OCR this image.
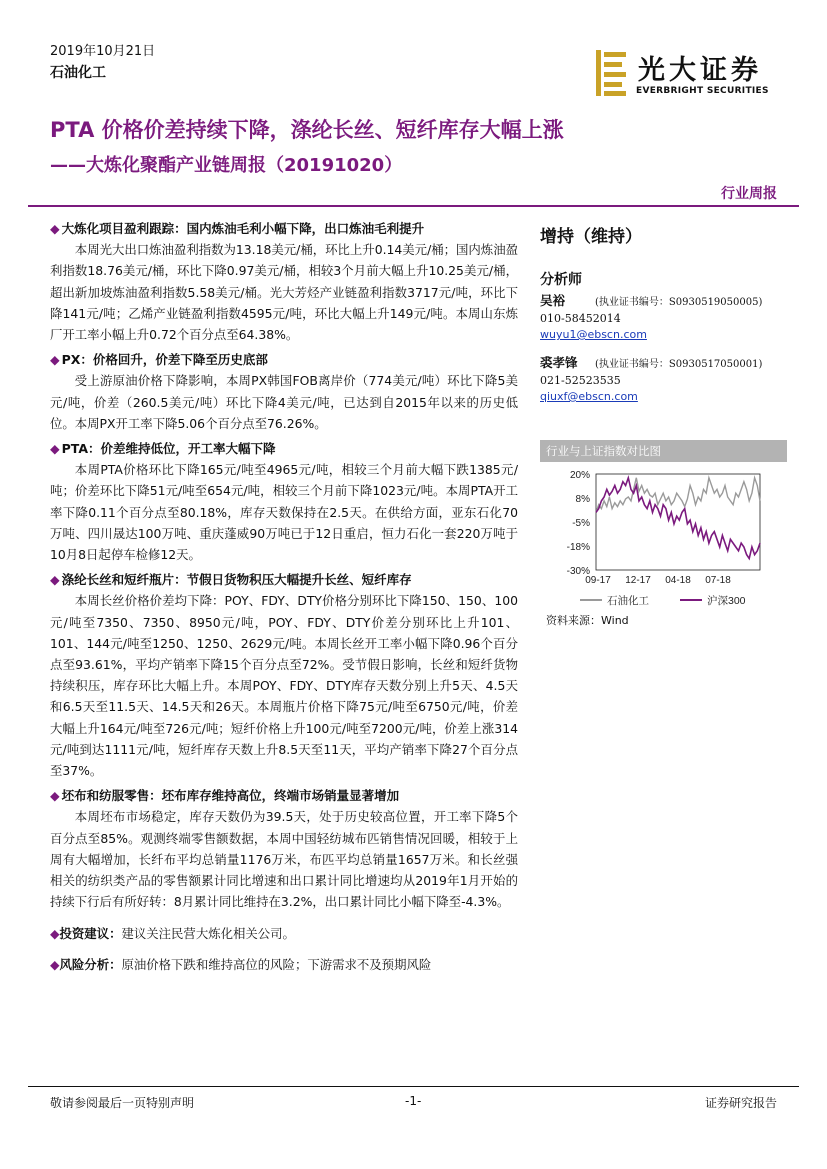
2019年10月21日
石油化工	光大证券
EVERBRIGHT SECURITIES
PTA 价格价差持续下降，涤纶长丝、短纤库存大幅上涨
——大炼化聚酯产业链周报（20191020）
行业周报
◆ 大炼化项目盈利跟踪：国内炼油毛利小幅下降，出口炼油毛利提升

本周光大出口炼油盈利指数为13.18美元/桶，环比上升0.14美元/桶；国内炼油盈利指数18.76美元/桶，环比下降0.97美元/桶，相较3个月前大幅上升10.25美元/桶，超出新加坡炼油盈利指数5.58美元/桶。光大芳烃产业链盈利指数3717元/吨，环比下降141元/吨；乙烯产业链盈利指数4595元/吨，环比大幅上升149元/吨。本周山东炼厂开工率小幅上升0.72个百分点至64.38%。

◆ PX：价格回升，价差下降至历史底部

受上游原油价格下降影响，本周PX韩国FOB离岸价（774美元/吨）环比下降5美元/吨，价差（260.5美元/吨）环比下降4美元/吨，已达到自2015年以来的历史低位。本周PX开工率下降5.06个百分点至76.26%。

◆ PTA：价差维持低位，开工率大幅下降

本周PTA价格环比下降165元/吨至4965元/吨，相较三个月前大幅下跌1385元/吨；价差环比下降51元/吨至654元/吨，相较三个月前下降1023元/吨。本周PTA开工率下降0.11个百分点至80.18%，库存天数保持在2.5天。在供给方面，亚东石化70万吨、四川晟达100万吨、重庆蓬威90万吨已于12日重启，恒力石化一套220万吨于10月8日起停车检修12天。

◆ 涤纶长丝和短纤瓶片：节假日货物积压大幅提升长丝、短纤库存

本周长丝价格价差均下降：POY、FDY、DTY价格分别环比下降150、150、100元/吨至7350、7350、8950元/吨，POY、FDY、DTY价差分别环比上升101、101、144元/吨至1250、1250、2629元/吨。本周长丝开工率小幅下降0.96个百分点至93.61%，平均产销率下降15个百分点至72%。受节假日影响，长丝和短纤货物持续积压，库存环比大幅上升。本周POY、FDY、DTY库存天数分别上升5天、4.5天和6.5天至11.5天、14.5天和26天。本周瓶片价格下降75元/吨至6750元/吨，价差大幅上升164元/吨至726元/吨；短纤价格上升100元/吨至7200元/吨，价差上涨314元/吨到达1111元/吨，短纤库存天数上升8.5天至11天，平均产销率下降27个百分点至37%。

◆ 坯布和纺服零售：坯布库存维持高位，终端市场销量显著增加

本周坯布市场稳定，库存天数仍为39.5天，处于历史较高位置，开工率下降5个百分点至85%。观测终端零售额数据，本周中国轻纺城布匹销售情况回暖，相较于上周有大幅增加，长纤布平均总销量1176万米，布匹平均总销量1657万米。和长丝强相关的纺织类产品的零售额累计同比增速和出口累计同比增速均从2019年1月开始的持续下行后有所好转：8月累计同比维持在3.2%，出口累计同比小幅下降至-4.3%。

◆投资建议：建议关注民营大炼化相关公司。
◆风险分析：原油价格下跌和维持高位的风险；下游需求不及预期风险
增持（维持）
分析师
吴裕	(执业证书编号：S0930519050005)
010-58452014
wuyu1@ebscn.com
裘孝锋 (执业证书编号：S0930517050001)
021-52523535
qiuxf@ebscn.com
行业与上证指数对比图
20%
8%
-5%
-18%
-30%
09-17 12-17 04-18 07-18
石油化工	沪深300
资料来源：Wind
敬请参阅最后一页特别声明	-1-	证券研究报告
